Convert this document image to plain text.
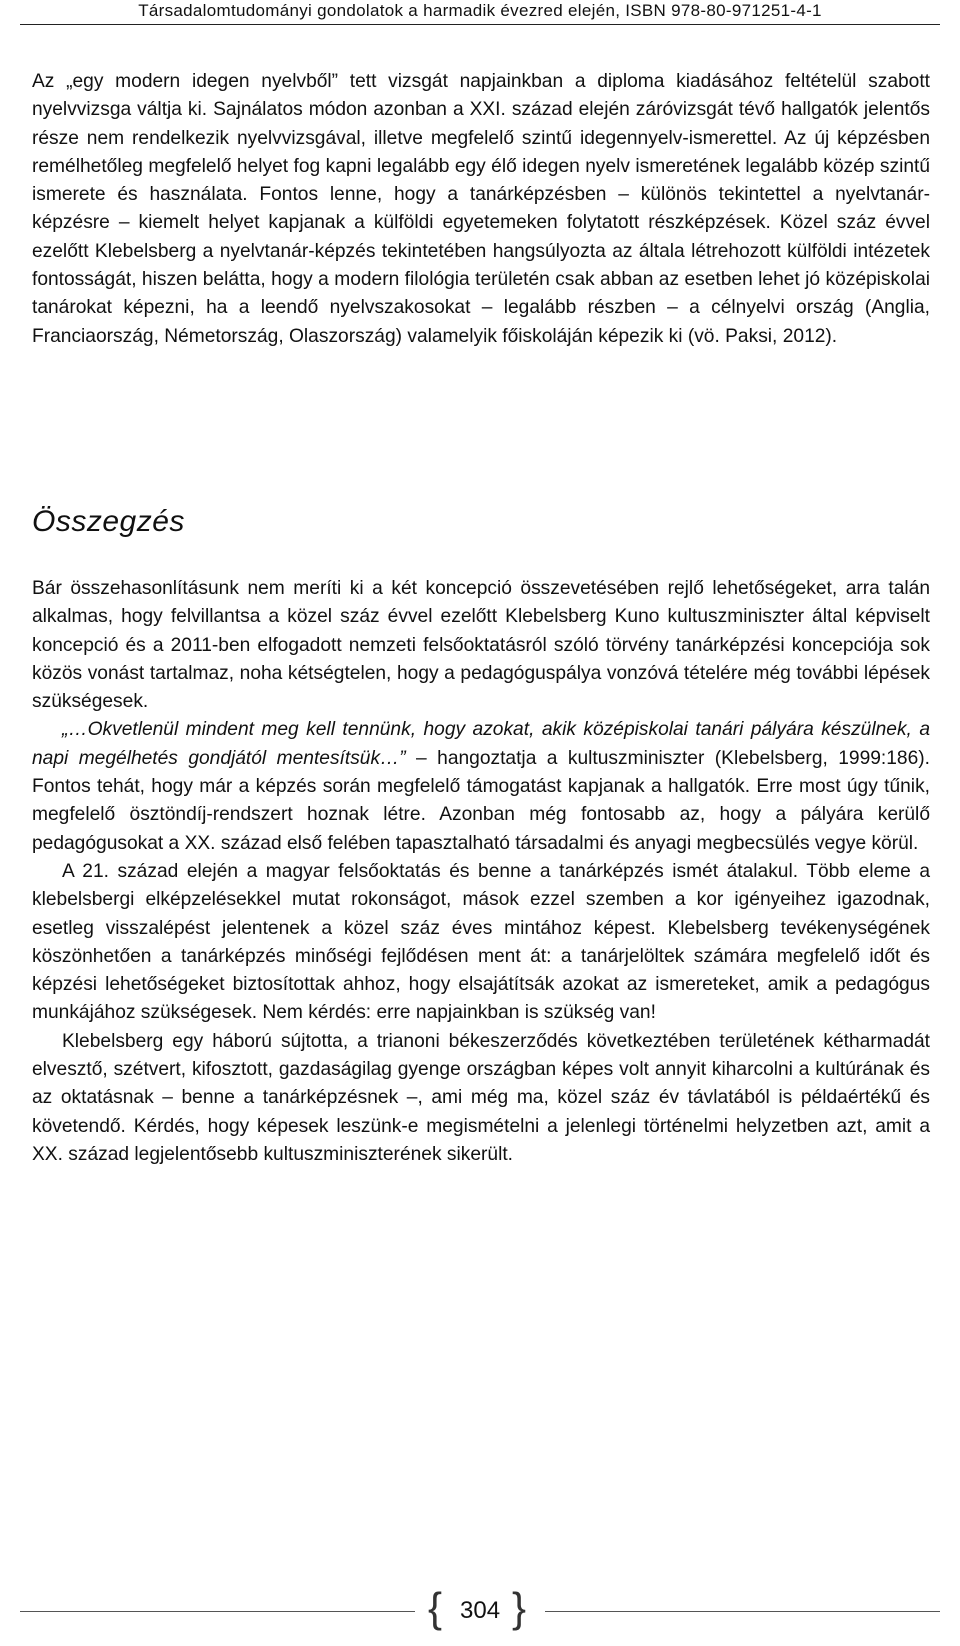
Társadalomtudományi gondolatok a harmadik évezred elején, ISBN 978-80-971251-4-1

Az „egy modern idegen nyelvből” tett vizsgát napjainkban a diploma kiadásához feltételül szabott nyelvvizsga váltja ki. Sajnálatos módon azonban a XXI. század elején záróvizsgát tévő hallgatók jelentős része nem rendelkezik nyelvvizsgával, illetve megfelelő szintű idegennyelv-ismerettel. Az új képzésben remélhetőleg megfelelő helyet fog kapni legalább egy élő idegen nyelv ismeretének legalább közép szintű ismerete és használata. Fontos lenne, hogy a tanárképzésben – különös tekintettel a nyelvtanár-képzésre – kiemelt helyet kapjanak a külföldi egyetemeken folytatott részképzések. Közel száz évvel ezelőtt Klebelsberg a nyelvtanár-képzés tekintetében hangsúlyozta az általa létrehozott külföldi intézetek fontosságát, hiszen belátta, hogy a modern filológia területén csak abban az esetben lehet jó középiskolai tanárokat képezni, ha a leendő nyelvszakosokat – legalább részben – a célnyelvi ország (Anglia, Franciaország, Németország, Olaszország) valamelyik főiskoláján képezik ki (vö. Paksi, 2012).

Összegzés

Bár összehasonlításunk nem meríti ki a két koncepció összevetésében rejlő lehetőségeket, arra talán alkalmas, hogy felvillantsa a közel száz évvel ezelőtt Klebelsberg Kuno kultuszminiszter által képviselt koncepció és a 2011-ben elfogadott nemzeti felsőoktatásról szóló törvény tanárképzési koncepciója sok közös vonást tartalmaz, noha kétségtelen, hogy a pedagóguspálya vonzóvá tételére még további lépések szükségesek.

„…Okvetlenül mindent meg kell tennünk, hogy azokat, akik középiskolai tanári pályára készülnek, a napi megélhetés gondjától mentesítsük…” – hangoztatja a kultuszminiszter (Klebelsberg, 1999:186). Fontos tehát, hogy már a képzés során megfelelő támogatást kapjanak a hallgatók. Erre most úgy tűnik, megfelelő ösztöndíj-rendszert hoznak létre. Azonban még fontosabb az, hogy a pályára kerülő pedagógusokat a XX. század első felében tapasztalható társadalmi és anyagi megbecsülés vegye körül.

A 21. század elején a magyar felsőoktatás és benne a tanárképzés ismét átalakul. Több eleme a klebelsbergi elképzelésekkel mutat rokonságot, mások ezzel szemben a kor igényeihez igazodnak, esetleg visszalépést jelentenek a közel száz éves mintához képest. Klebelsberg tevékenységének köszönhetően a tanárképzés minőségi fejlődésen ment át: a tanárjelöltek számára megfelelő időt és képzési lehetőségeket biztosítottak ahhoz, hogy elsajátítsák azokat az ismereteket, amik a pedagógus munkájához szükségesek. Nem kérdés: erre napjainkban is szükség van!

Klebelsberg egy háború sújtotta, a trianoni békeszerződés következtében területének kétharmadát elvesztő, szétvert, kifosztott, gazdaságilag gyenge országban képes volt annyit kiharcolni a kultúrának és az oktatásnak – benne a tanárképzésnek –, ami még ma, közel száz év távlatából is példaértékű és követendő. Kérdés, hogy képesek leszünk-e megismételni a jelenlegi történelmi helyzetben azt, amit a XX. század legjelentősebb kultuszminiszterének sikerült.

{ 304 }
